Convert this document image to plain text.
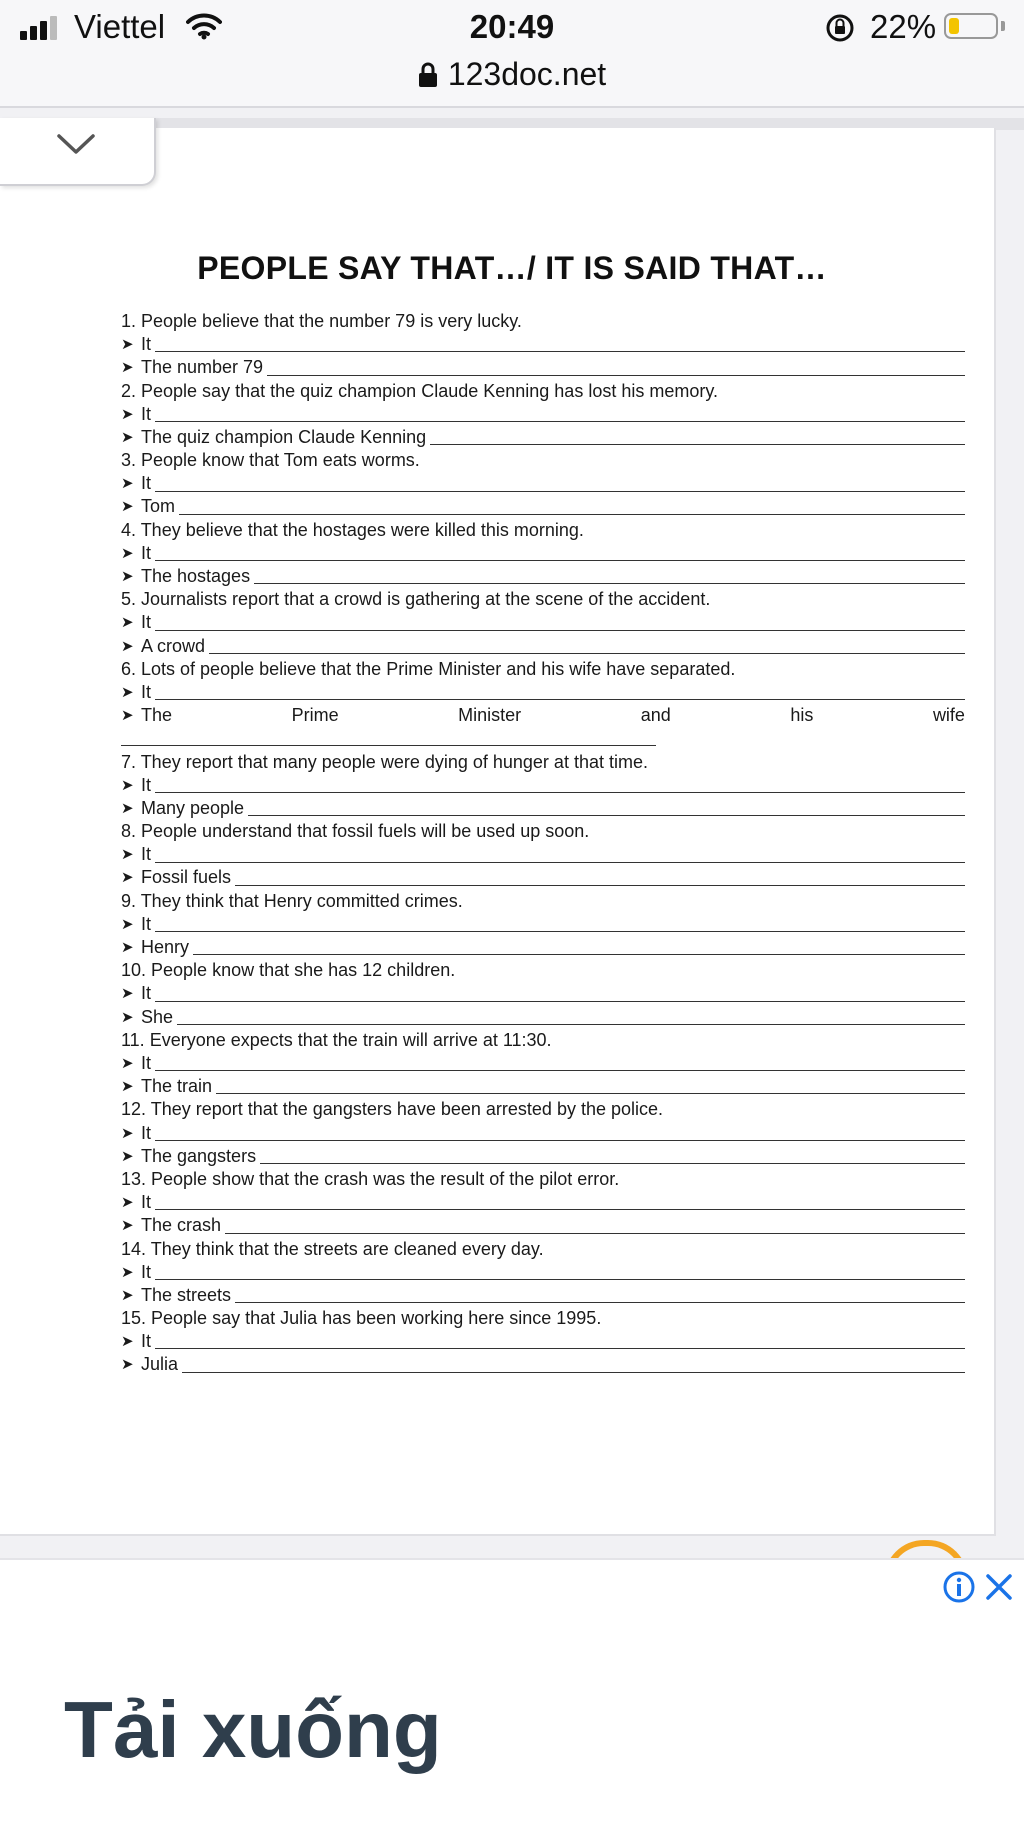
Viettel	20:49	22%
123doc.net
PEOPLE SAY THAT…/ IT IS SAID THAT…
1. People believe that the number 79 is very lucky.
➤ It
➤ The number 79
2. People say that the quiz champion Claude Kenning has lost his memory.
➤ It
➤ The quiz champion Claude Kenning
3. People know that Tom eats worms.
➤ It
➤ Tom
4. They believe that the hostages were killed this morning.
➤ It
➤ The hostages
5. Journalists report that a crowd is gathering at the scene of the accident.
➤ It
➤ A crowd
6. Lots of people believe that the Prime Minister and his wife have separated.
➤ It
➤ The	Prime	Minister	and	his	wife
7. They report that many people were dying of hunger at that time.
➤ It
➤ Many people
8. People understand that fossil fuels will be used up soon.
➤ It
➤ Fossil fuels
9. They think that Henry committed crimes.
➤ It
➤ Henry
10. People know that she has 12 children.
➤ It
➤ She
11. Everyone expects that the train will arrive at 11:30.
➤ It
➤ The train
12. They report that the gangsters have been arrested by the police.
➤ It
➤ The gangsters
13. People show that the crash was the result of the pilot error.
➤ It
➤ The crash
14. They think that the streets are cleaned every day.
➤ It
➤ The streets
15. People say that Julia has been working here since 1995.
➤ It
➤ Julia
Tải xuống
